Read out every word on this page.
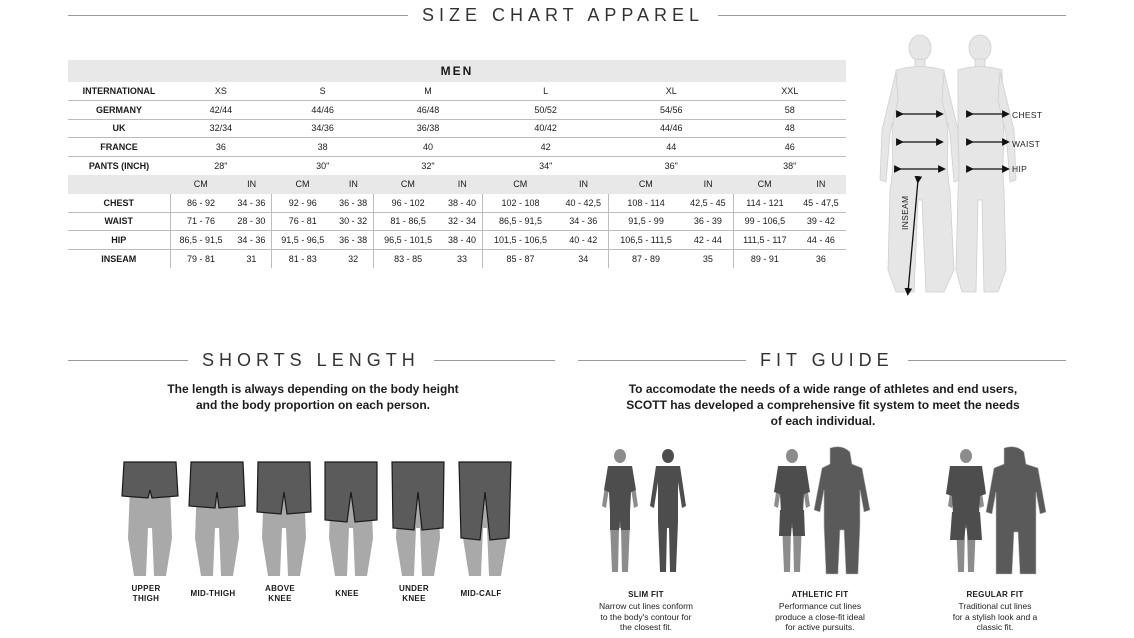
SIZE CHART APPAREL
SHORTS LENGTH	FIT GUIDE
MEN												
INTERNATIONAL	XS		S		M		L		XL		XXL	
GERMANY	42/44		44/46		46/48		50/52		54/56		58	
UK	32/34		34/36		36/38		40/42		44/46		48	
FRANCE	36		38		40		42		44		46	
PANTS (INCH)	28"		30"		32"		34"		36"		38"	
	CM	IN	CM	IN	CM	IN	CM	IN	CM	IN	CM	IN
CHEST	86 - 92	34 - 36	92 - 96	36 - 38	96 - 102	38 - 40	102 - 108	40 - 42,5	108 - 114	42,5 - 45	114 - 121	45 - 47,5
WAIST	71 - 76	28 - 30	76 - 81	30 - 32	81 - 86,5	32 - 34	86,5 - 91,5	34 - 36	91,5 - 99	36 - 39	99 - 106,5	39 - 42
HIP	86,5 - 91,5	34 - 36	91,5 - 96,5	36 - 38	96,5 - 101,5	38 - 40	101,5 - 106,5	40 - 42	106,5 - 111,5	42 - 44	111,5 - 117	44 - 46
INSEAM	79 - 81	31	81 - 83	32	83 - 85	33	85 - 87	34	87 - 89	35	89 - 91	36
CHEST
WAIST
HIP
INSEAM
The length is always depending on the body height
and the body proportion on each person.
UPPER
THIGH
MID-THIGH
ABOVE
KNEE
KNEE
UNDER
KNEE
MID-CALF
To accomodate the needs of a wide range of athletes and end users,
SCOTT has developed a comprehensive fit system to meet the needs
of each individual.
SLIM FIT
Narrow cut lines conform
to the body's contour for
the closest fit.
ATHLETIC FIT
Performance cut lines
produce a close-fit ideal
for active pursuits.
REGULAR FIT
Traditional cut lines
for a stylish look and a
classic fit.
